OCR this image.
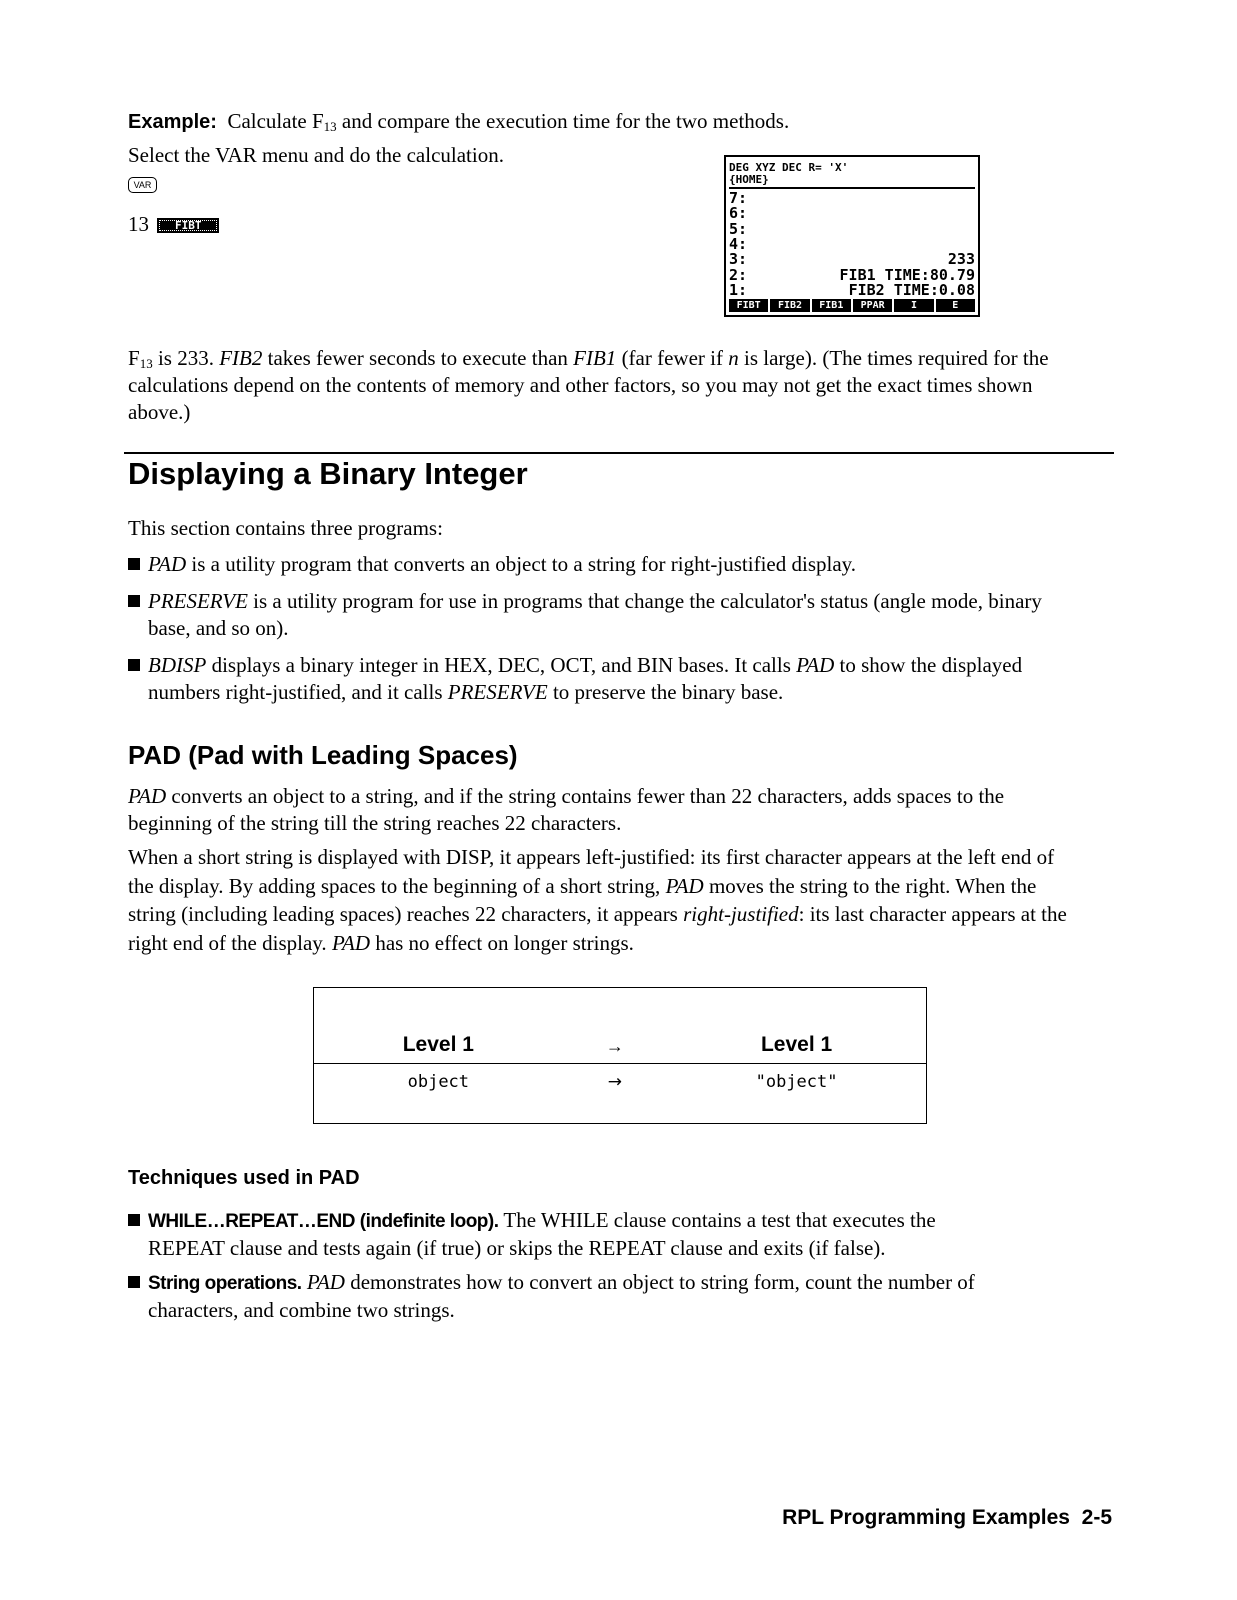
Example: Calculate $F_{13}$ and compare the execution time for the two methods.
Select the VAR menu and do the calculation.
VAR
13 FIBT
DEG XYZ DEC R= 'X'
{HOME}
7:
6:
5:
4:
3:	233
2:	FIB1 TIME:80.79
1:	FIB2 TIME:0.08
FIBT	FIB2	FIB1	PPAR	I	E
$F_{13}$ is 233. FIB2 takes fewer seconds to execute than FIB1 (far fewer if n is large). (The times required for the
calculations depend on the contents of memory and other factors, so you may not get the exact times shown
above.)
Displaying a Binary Integer
This section contains three programs:
PAD is a utility program that converts an object to a string for right-justified display.
PRESERVE is a utility program for use in programs that change the calculator's status (angle mode, binary
base, and so on).
BDISP displays a binary integer in HEX, DEC, OCT, and BIN bases. It calls PAD to show the displayed
numbers right-justified, and it calls PRESERVE to preserve the binary base.
PAD (Pad with Leading Spaces)
PAD converts an object to a string, and if the string contains fewer than 22 characters, adds spaces to the
beginning of the string till the string reaches 22 characters.
When a short string is displayed with DISP, it appears left-justified: its first character appears at the left end of
the display. By adding spaces to the beginning of a short string, PAD moves the string to the right. When the
string (including leading spaces) reaches 22 characters, it appears right-justified: its last character appears at the
right end of the display. PAD has no effect on longer strings.
Level 1	→	Level 1
object	→	"object"
Techniques used in PAD
WHILE…REPEAT…END (indefinite loop). The WHILE clause contains a test that executes the
REPEAT clause and tests again (if true) or skips the REPEAT clause and exits (if false).
String operations. PAD demonstrates how to convert an object to string form, count the number of
characters, and combine two strings.
RPL Programming Examples 2-5
